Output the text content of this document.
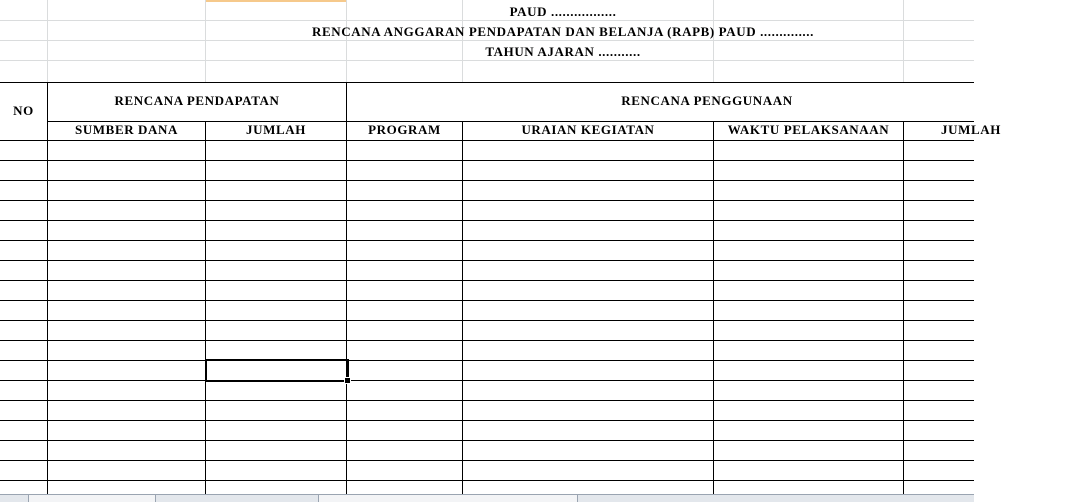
PAUD .................
RENCANA ANGGARAN PENDAPATAN DAN BELANJA (RAPB) PAUD ..............
TAHUN AJARAN ...........
NO
RENCANA PENDAPATAN	RENCANA PENGGUNAAN
SUMBER DANA	JUMLAH	PROGRAM	URAIAN KEGIATAN	WAKTU PELAKSANAAN	JUMLAH
